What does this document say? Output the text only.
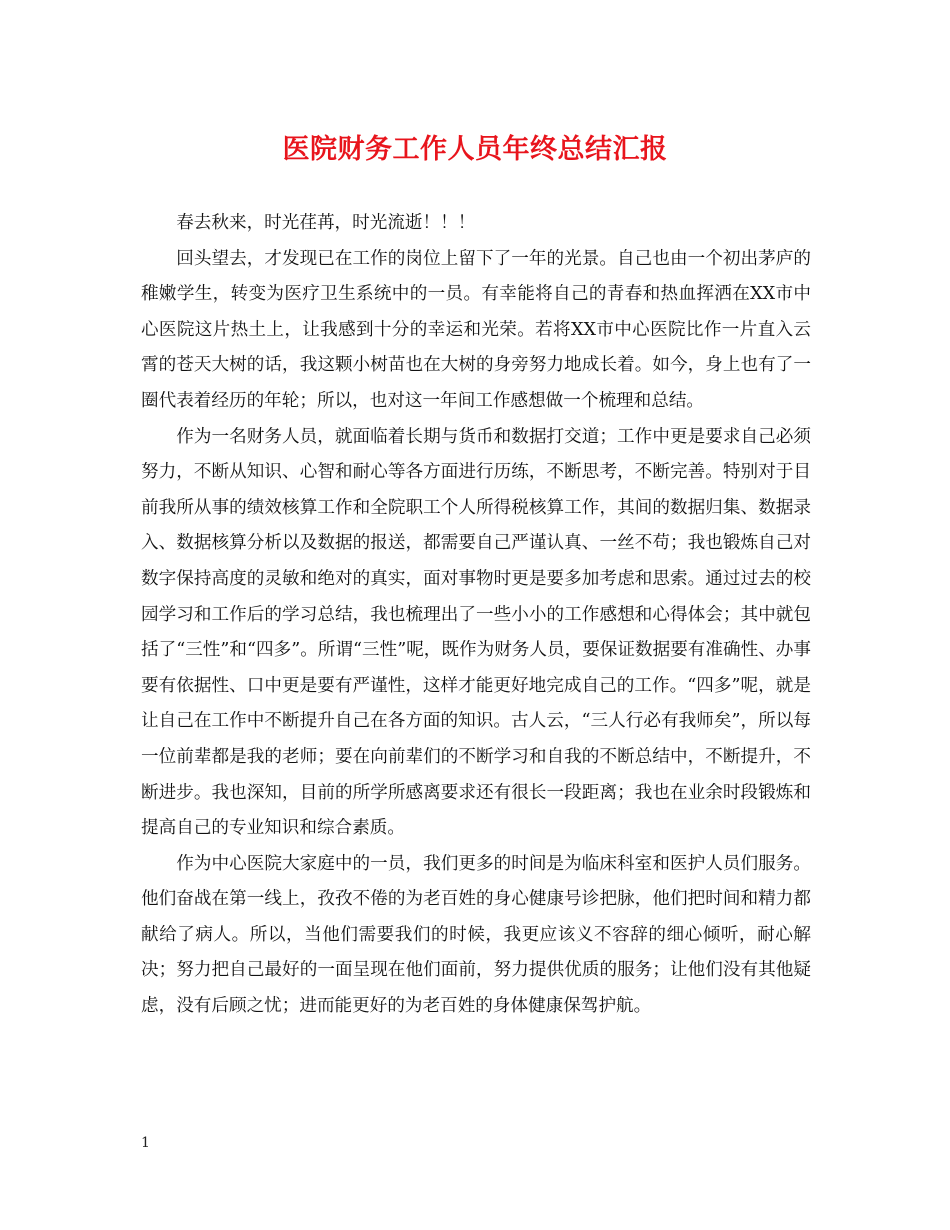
医院财务工作人员年终总结汇报

春去秋来，时光荏苒，时光流逝！！！

回头望去，才发现已在工作的岗位上留下了一年的光景。自己也由一个初出茅庐的稚嫩学生，转变为医疗卫生系统中的一员。有幸能将自己的青春和热血挥洒在XX市中心医院这片热土上，让我感到十分的幸运和光荣。若将XX市中心医院比作一片直入云霄的苍天大树的话，我这颗小树苗也在大树的身旁努力地成长着。如今，身上也有了一圈代表着经历的年轮；所以，也对这一年间工作感想做一个梳理和总结。

作为一名财务人员，就面临着长期与货币和数据打交道；工作中更是要求自己必须努力，不断从知识、心智和耐心等各方面进行历练，不断思考，不断完善。特别对于目前我所从事的绩效核算工作和全院职工个人所得税核算工作，其间的数据归集、数据录入、数据核算分析以及数据的报送，都需要自己严谨认真、一丝不苟；我也锻炼自己对数字保持高度的灵敏和绝对的真实，面对事物时更是要多加考虑和思索。通过过去的校园学习和工作后的学习总结，我也梳理出了一些小小的工作感想和心得体会；其中就包括了“三性”和“四多”。所谓“三性”呢，既作为财务人员，要保证数据要有准确性、办事要有依据性、口中更是要有严谨性，这样才能更好地完成自己的工作。“四多”呢，就是让自己在工作中不断提升自己在各方面的知识。古人云，“三人行必有我师矣”，所以每一位前辈都是我的老师；要在向前辈们的不断学习和自我的不断总结中，不断提升，不断进步。我也深知，目前的所学所感离要求还有很长一段距离；我也在业余时段锻炼和提高自己的专业知识和综合素质。

作为中心医院大家庭中的一员，我们更多的时间是为临床科室和医护人员们服务。他们奋战在第一线上，孜孜不倦的为老百姓的身心健康号诊把脉，他们把时间和精力都献给了病人。所以，当他们需要我们的时候，我更应该义不容辞的细心倾听，耐心解决；努力把自己最好的一面呈现在他们面前，努力提供优质的服务；让他们没有其他疑虑，没有后顾之忧；进而能更好的为老百姓的身体健康保驾护航。

1
